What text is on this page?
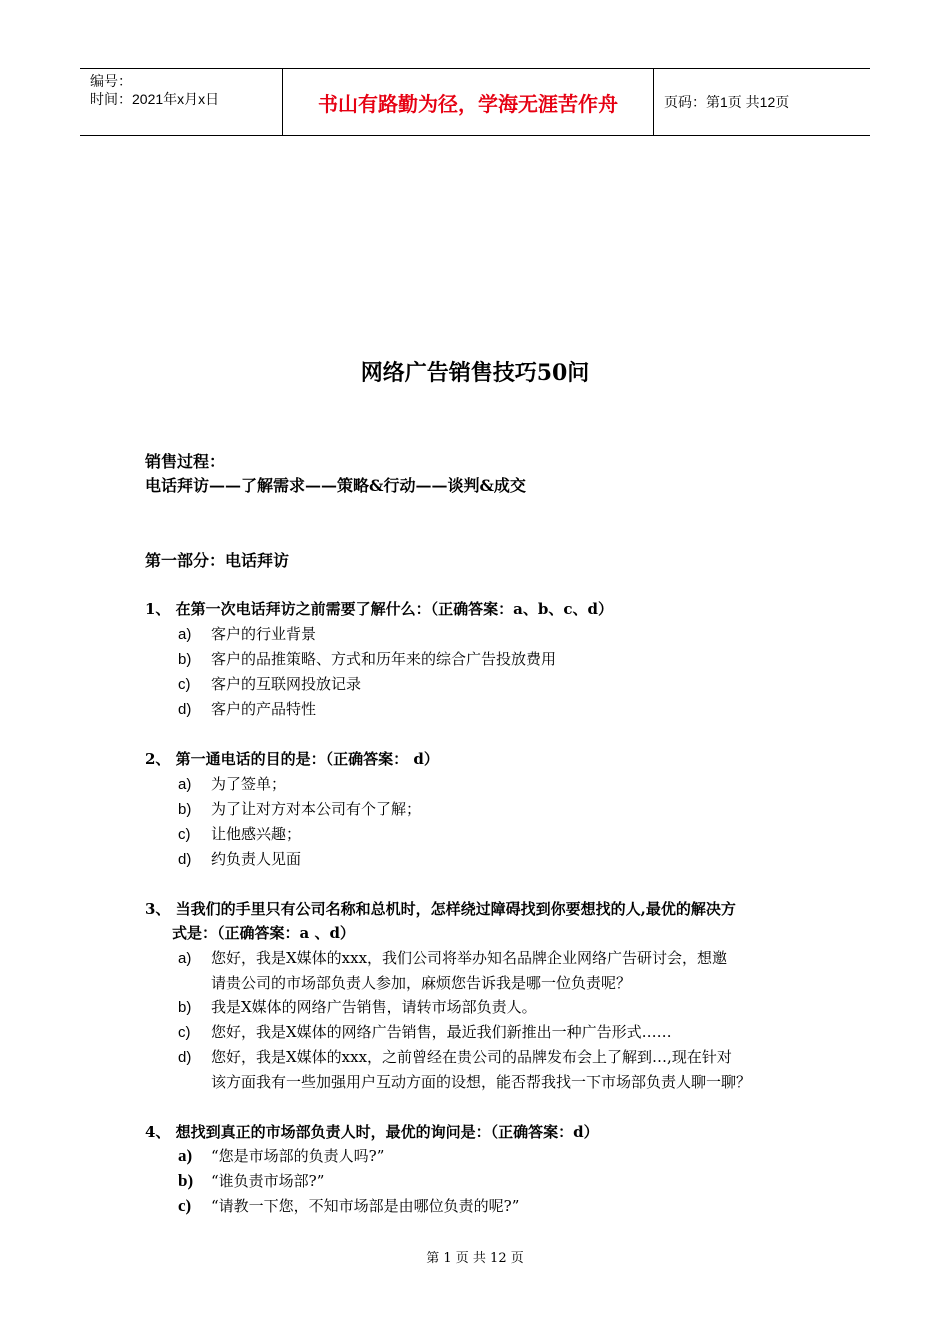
编号：
时间：2021年x月x日	书山有路勤为径，学海无涯苦作舟	页码：第1页 共12页
网络广告销售技巧50问
销售过程：
电话拜访——了解需求——策略&行动——谈判&成交
第一部分：电话拜访
1、 在第一次电话拜访之前需要了解什么：（正确答案：a、b、c、d）
a) 客户的行业背景
b) 客户的品推策略、方式和历年来的综合广告投放费用
c) 客户的互联网投放记录
d) 客户的产品特性
2、 第一通电话的目的是：（正确答案： d）
a) 为了签单；
b) 为了让对方对本公司有个了解；
c) 让他感兴趣；
d) 约负责人见面
3、 当我们的手里只有公司名称和总机时，怎样绕过障碍找到你要想找的人,最优的解决方
式是：（正确答案：a 、d）
a) 您好，我是X媒体的xxx，我们公司将举办知名品牌企业网络广告研讨会，想邀
请贵公司的市场部负责人参加，麻烦您告诉我是哪一位负责呢？
b) 我是X媒体的网络广告销售，请转市场部负责人。
c) 您好，我是X媒体的网络广告销售，最近我们新推出一种广告形式……
d) 您好，我是X媒体的xxx，之前曾经在贵公司的品牌发布会上了解到…,现在针对
该方面我有一些加强用户互动方面的设想，能否帮我找一下市场部负责人聊一聊？
4、 想找到真正的市场部负责人时，最优的询问是：（正确答案：d）
a) “您是市场部的负责人吗?”
b) “谁负责市场部?”
c) “请教一下您，不知市场部是由哪位负责的呢?”
第 1 页 共 12 页
